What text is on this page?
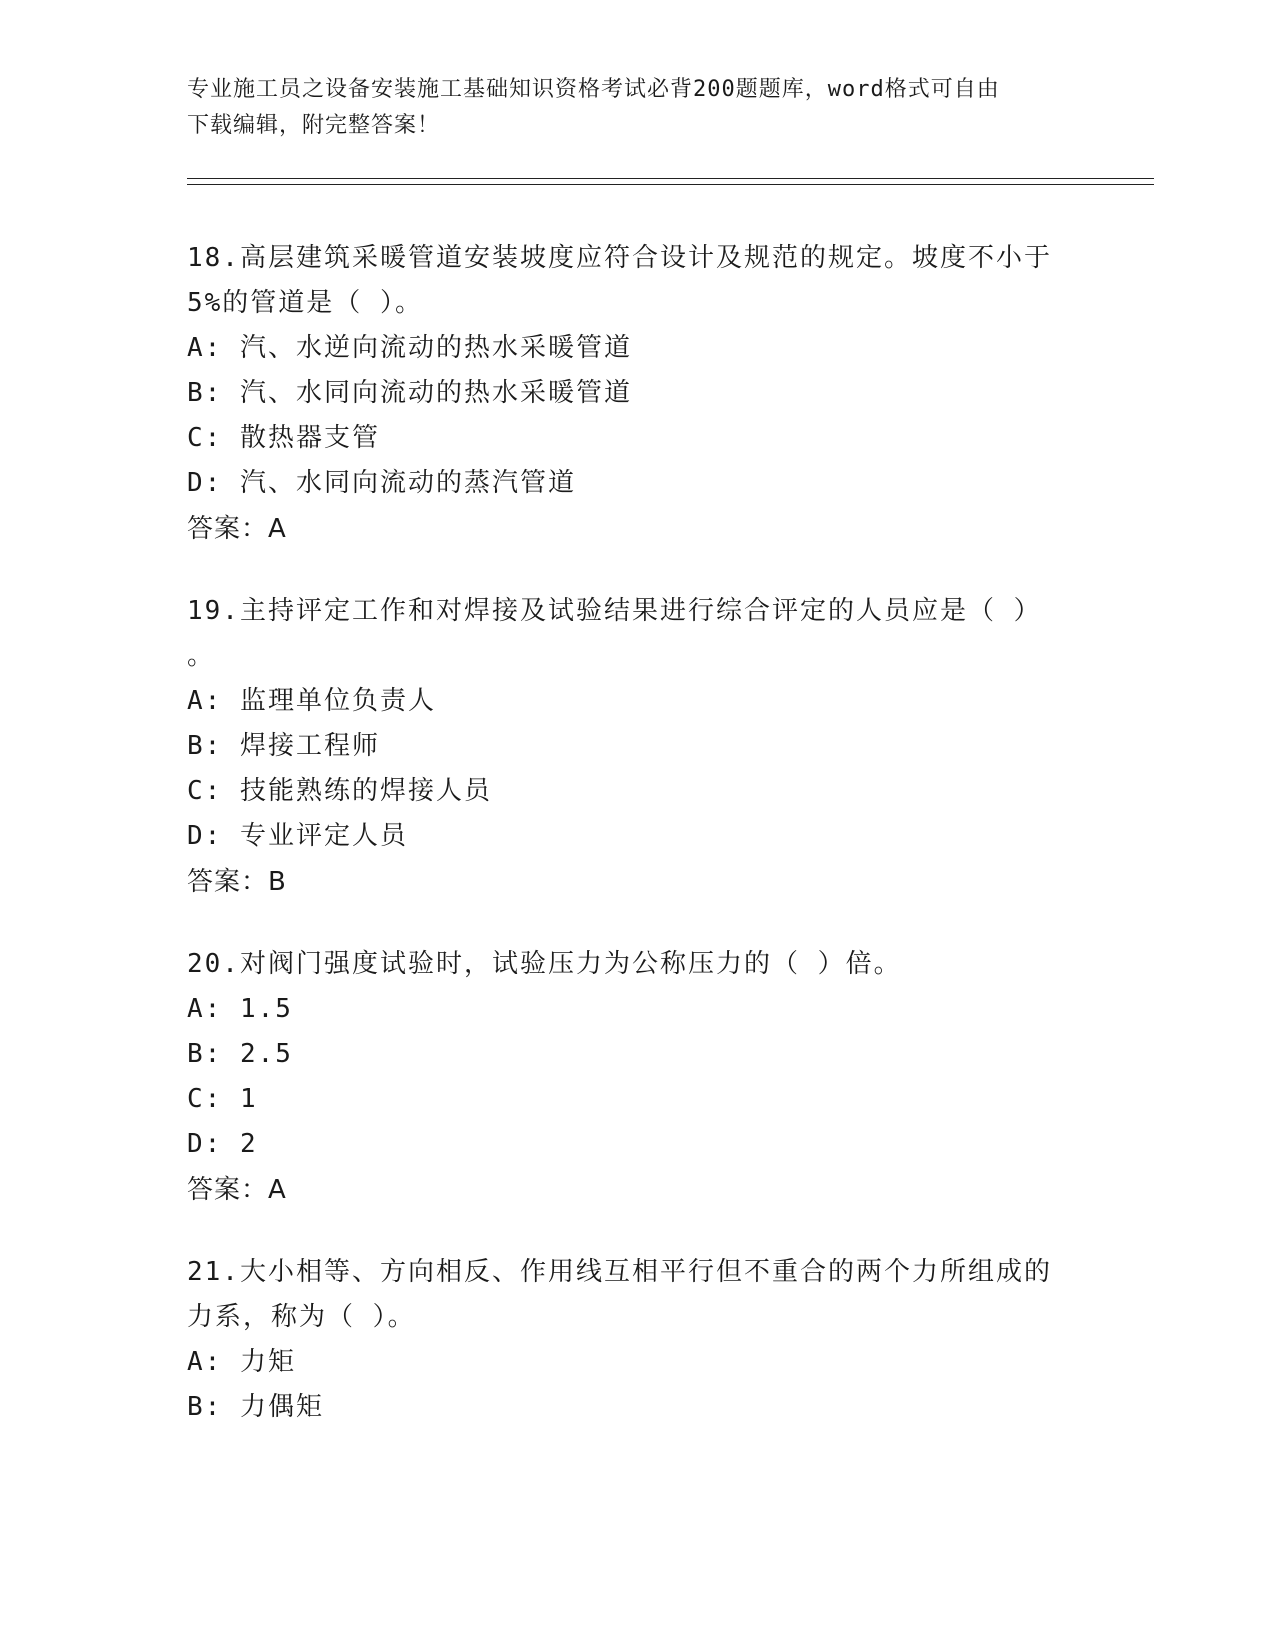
专业施工员之设备安装施工基础知识资格考试必背200题题库，word格式可自由
下载编辑，附完整答案！

18.高层建筑采暖管道安装坡度应符合设计及规范的规定。坡度不小于

5%的管道是（ ）。

A: 汽、水逆向流动的热水采暖管道

B: 汽、水同向流动的热水采暖管道

C: 散热器支管

D: 汽、水同向流动的蒸汽管道

答案：A

19.主持评定工作和对焊接及试验结果进行综合评定的人员应是（ ）

。

A: 监理单位负责人

B: 焊接工程师

C: 技能熟练的焊接人员

D: 专业评定人员

答案：B

20.对阀门强度试验时，试验压力为公称压力的（ ）倍。

A: 1.5

B: 2.5

C: 1

D: 2

答案：A

21.大小相等、方向相反、作用线互相平行但不重合的两个力所组成的

力系，称为（ ）。

A: 力矩

B: 力偶矩
